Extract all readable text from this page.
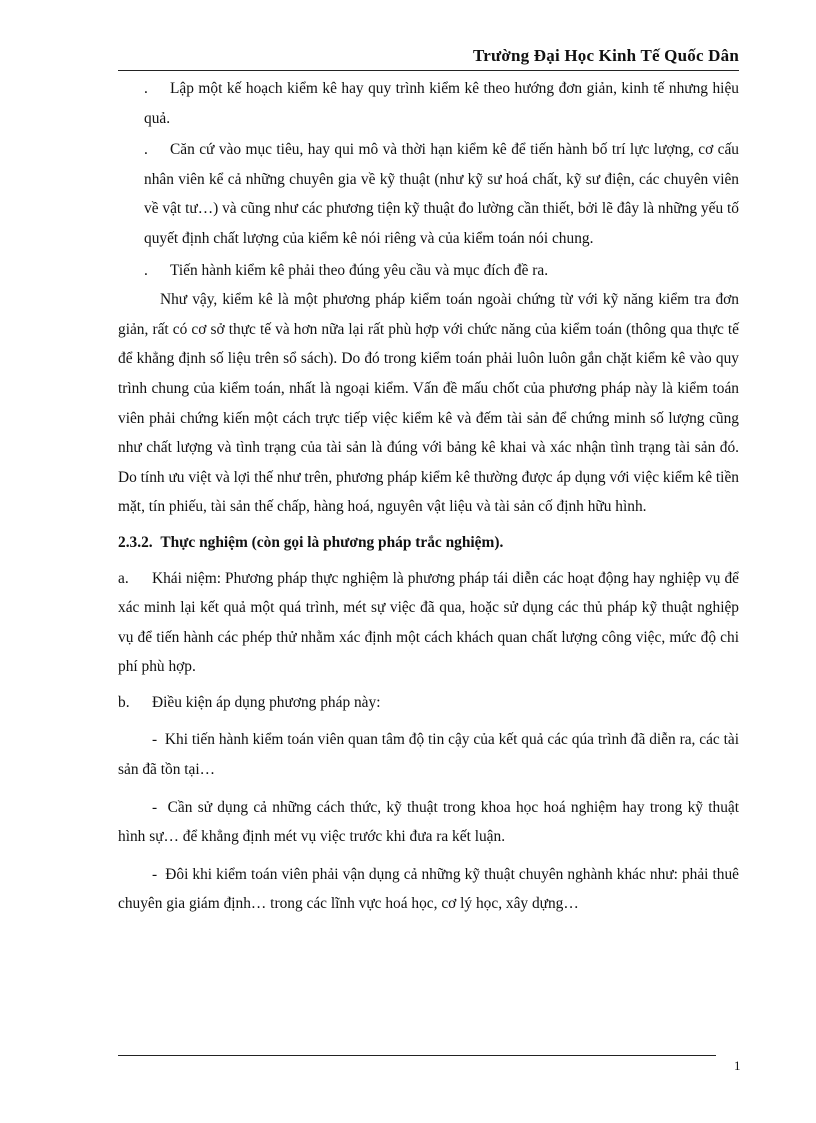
Trường Đại Học Kinh Tế Quốc Dân

. Lập một kế hoạch kiểm kê hay quy trình kiểm kê theo hướng đơn giản, kinh tế nhưng hiệu quả.

. Căn cứ vào mục tiêu, hay qui mô và thời hạn kiểm kê để tiến hành bố trí lực lượng, cơ cấu nhân viên kể cả những chuyên gia về kỹ thuật (như kỹ sư hoá chất, kỹ sư điện, các chuyên viên về vật tư…) và cũng như các phương tiện kỹ thuật đo lường cần thiết, bởi lẽ đây là những yếu tố quyết định chất lượng của kiểm kê nói riêng và của kiểm toán nói chung.

. Tiến hành kiểm kê phải theo đúng yêu cầu và mục đích đề ra.

Như vậy, kiểm kê là một phương pháp kiểm toán ngoài chứng từ với kỹ năng kiểm tra đơn giản, rất có cơ sở thực tế và hơn nữa lại rất phù hợp với chức năng của kiểm toán (thông qua thực tế để khẳng định số liệu trên sổ sách). Do đó trong kiểm toán phải luôn luôn gắn chặt kiểm kê vào quy trình chung của kiểm toán, nhất là ngoại kiểm. Vấn đề mấu chốt của phương pháp này là kiểm toán viên phải chứng kiến một cách trực tiếp việc kiểm kê và đếm tài sản để chứng minh số lượng cũng như chất lượng và tình trạng của tài sản là đúng với bảng kê khai và xác nhận tình trạng tài sản đó. Do tính ưu việt và lợi thế như trên, phương pháp kiểm kê thường được áp dụng với việc kiểm kê tiền mặt, tín phiếu, tài sản thế chấp, hàng hoá, nguyên vật liệu và tài sản cố định hữu hình.

2.3.2. Thực nghiệm (còn gọi là phương pháp trắc nghiệm).

a. Khái niệm: Phương pháp thực nghiệm là phương pháp tái diễn các hoạt động hay nghiệp vụ để xác minh lại kết quả một quá trình, mét sự việc đã qua, hoặc sử dụng các thủ pháp kỹ thuật nghiệp vụ để tiến hành các phép thử nhằm xác định một cách khách quan chất lượng công việc, mức độ chi phí phù hợp.

b. Điều kiện áp dụng phương pháp này:

- Khi tiến hành kiểm toán viên quan tâm độ tin cậy của kết quả các qúa trình đã diễn ra, các tài sản đã tồn tại…

- Cần sử dụng cả những cách thức, kỹ thuật trong khoa học hoá nghiệm hay trong kỹ thuật hình sự… để khẳng định mét vụ việc trước khi đưa ra kết luận.

- Đôi khi kiểm toán viên phải vận dụng cả những kỹ thuật chuyên nghành khác như: phải thuê chuyên gia giám định… trong các lĩnh vực hoá học, cơ lý học, xây dựng…

1
